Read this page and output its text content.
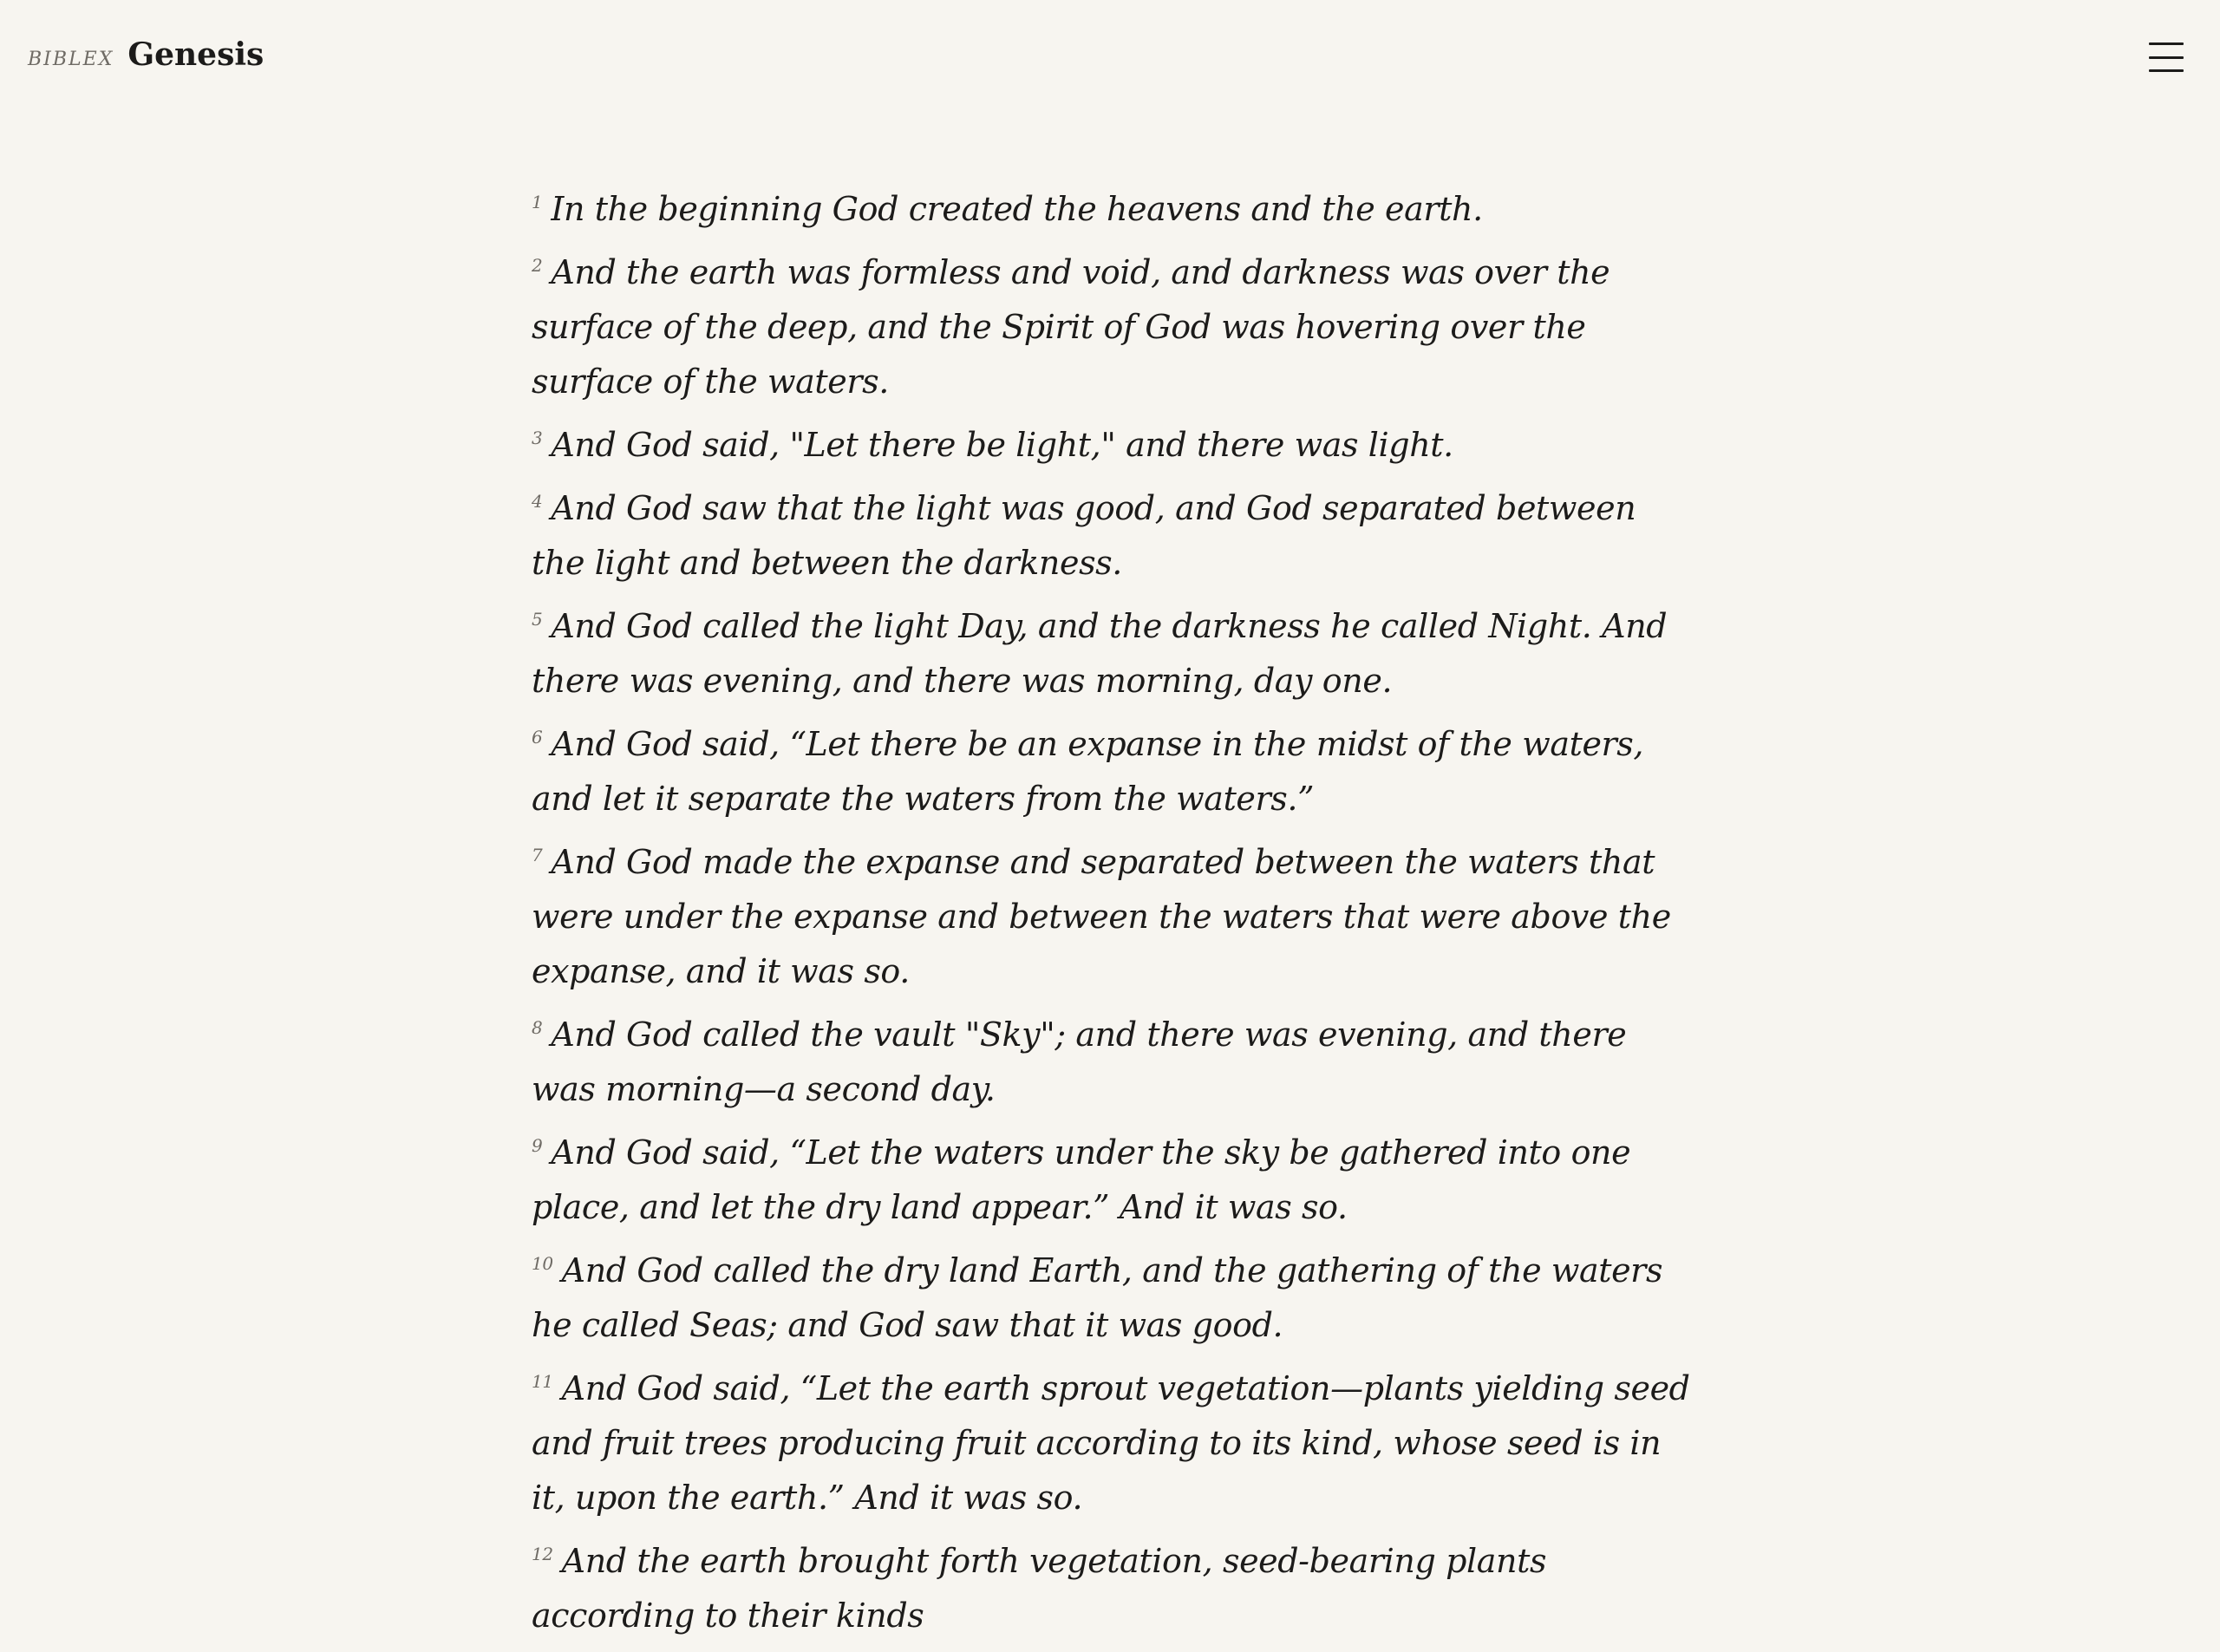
BIBLEX Genesis

$^1$ In the beginning God created the heavens and the earth.

$^2$ And the earth was formless and void, and darkness was over the surface of the deep, and the Spirit of God was hovering over the surface of the waters.

$^3$ And God said, "Let there be light," and there was light.

$^4$ And God saw that the light was good, and God separated between the light and between the darkness.

$^5$ And God called the light Day, and the darkness he called Night. And there was evening, and there was morning, day one.

$^6$ And God said, “Let there be an expanse in the midst of the waters, and let it separate the waters from the waters.”

$^7$ And God made the expanse and separated between the waters that were under the expanse and between the waters that were above the expanse, and it was so.

$^8$ And God called the vault "Sky"; and there was evening, and there was morning—a second day.

$^9$ And God said, “Let the waters under the sky be gathered into one place, and let the dry land appear.” And it was so.

$^{10}$ And God called the dry land Earth, and the gathering of the waters he called Seas; and God saw that it was good.

$^{11}$ And God said, “Let the earth sprout vegetation—plants yielding seed and fruit trees producing fruit according to its kind, whose seed is in it, upon the earth.” And it was so.

$^{12}$ And the earth brought forth vegetation, seed-bearing plants according to their kinds
